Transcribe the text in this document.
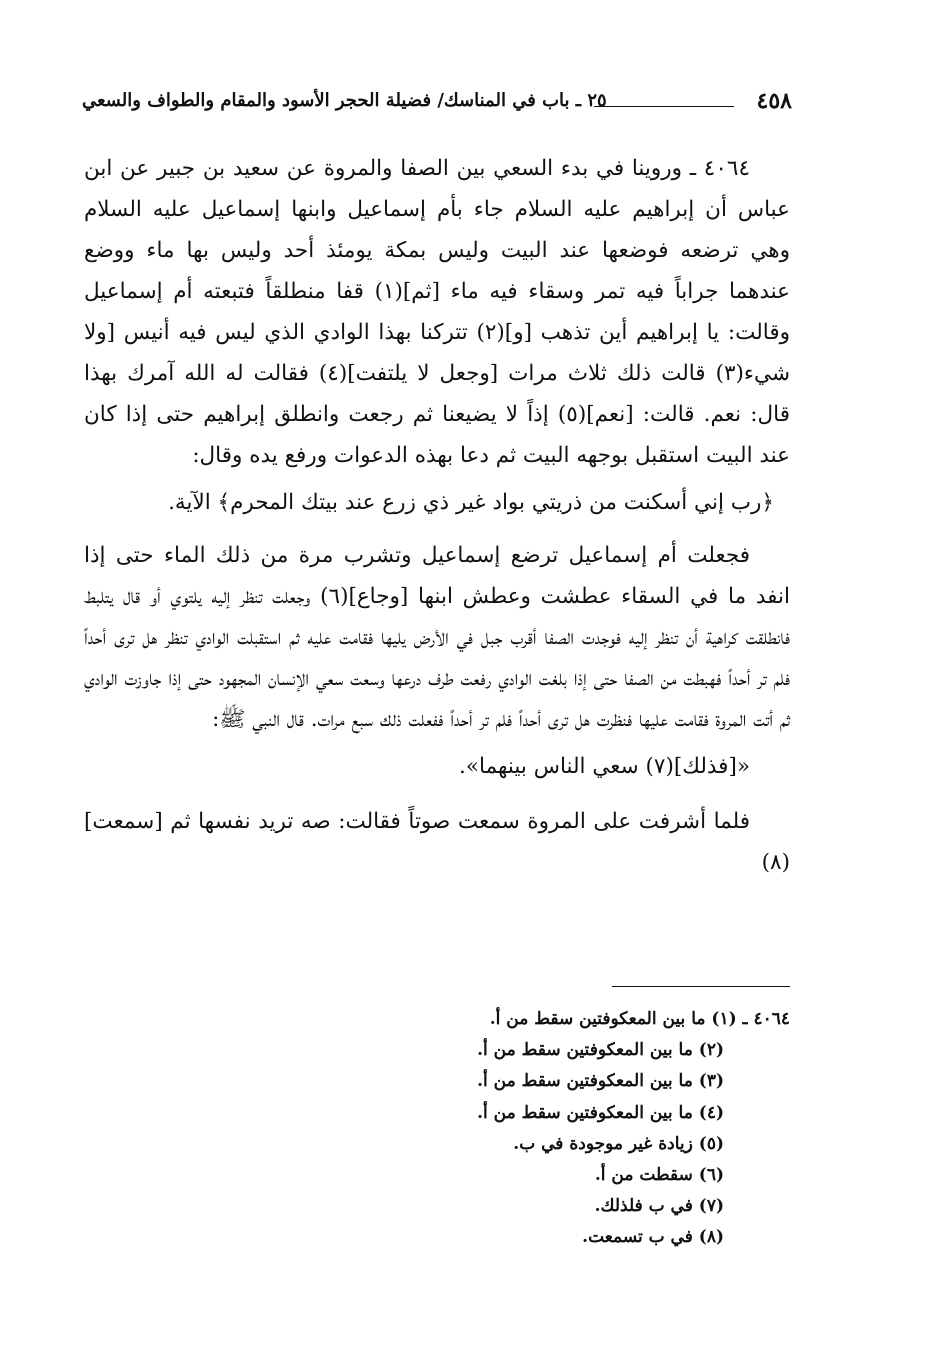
٤٥٨
٢٥ ـ باب في المناسك/ فضيلة الحجر الأسود والمقام والطواف والسعي

٤٠٦٤ ـ وروينا في بدء السعي بين الصفا والمروة عن سعيد بن جبير عن ابن عباس أن إبراهيم عليه السلام جاء بأم إسماعيل وابنها إسماعيل عليه السلام وهي ترضعه فوضعها عند البيت وليس بمكة يومئذ أحد وليس بها ماء ووضع عندهما جراباً فيه تمر وسقاء فيه ماء [ثم](١) قفا منطلقاً فتبعته أم إسماعيل وقالت: يا إبراهيم أين تذهب [و](٢) تتركنا بهذا الوادي الذي ليس فيه أنيس [ولا شيء(٣) قالت ذلك ثلاث مرات [وجعل لا يلتفت](٤) فقالت له الله آمرك بهذا قال: نعم. قالت: [نعم](٥) إذاً لا يضيعنا ثم رجعت وانطلق إبراهيم حتى إذا كان عند البيت استقبل بوجهه البيت ثم دعا بهذه الدعوات ورفع يده وقال:

﴿رب إني أسكنت من ذريتي بواد غير ذي زرع عند بيتك المحرم﴾ الآية.

فجعلت أم إسماعيل ترضع إسماعيل وتشرب مرة من ذلك الماء حتى إذا انفد ما في السقاء عطشت وعطش ابنها [وجاع](٦) وجعلت تنظر إليه يلتوي أو قال يتلبط فانطلقت كراهية أن تنظر إليه فوجدت الصفا أقرب جبل في الأرض يليها فقامت عليه ثم استقبلت الوادي تنظر هل ترى أحداً فلم تر أحداً فهبطت من الصفا حتى إذا بلغت الوادي رفعت طرف درعها وسعت سعي الإنسان المجهود حتى إذا جاوزت الوادي ثم أتت المروة فقامت عليها فنظرت هل ترى أحداً فلم تر أحداً ففعلت ذلك سبع مرات. قال النبي ﷺ:

«[فذلك](٧) سعي الناس بينهما».

فلما أشرفت على المروة سمعت صوتاً فقالت: صه تريد نفسها ثم [سمعت](٨)

٤٠٦٤ ـ (١) ما بين المعكوفتين سقط من أ.
(٢) ما بين المعكوفتين سقط من أ.
(٣) ما بين المعكوفتين سقط من أ.
(٤) ما بين المعكوفتين سقط من أ.
(٥) زيادة غير موجودة في ب.
(٦) سقطت من أ.
(٧) في ب فلذلك.
(٨) في ب تسمعت.
